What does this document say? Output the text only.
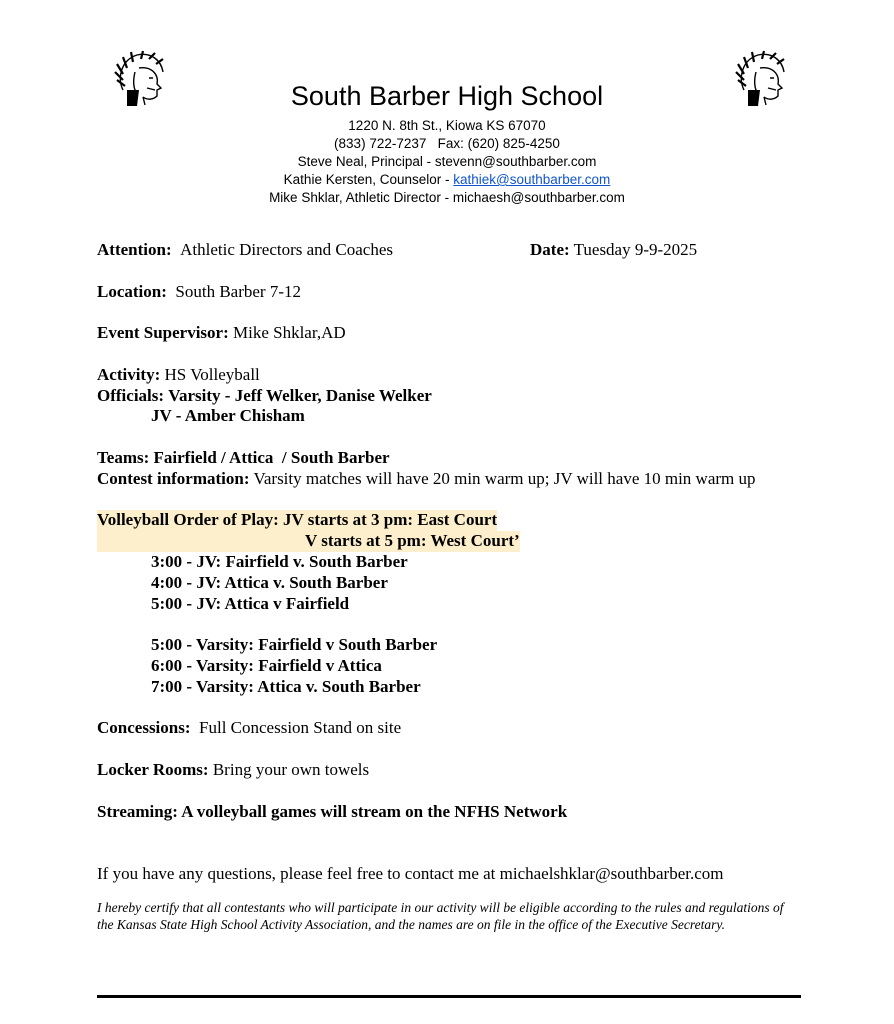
South Barber High School
1220 N. 8th St., Kiowa KS 67070
(833) 722-7237   Fax: (620) 825-4250
Steve Neal, Principal - stevenn@southbarber.com
Kathie Kersten, Counselor - kathiek@southbarber.com
Mike Shklar, Athletic Director - michaesh@southbarber.com
Attention: Athletic Directors and Coaches	Date: Tuesday 9-9-2025
Location: South Barber 7-12
Event Supervisor: Mike Shklar,AD
Activity: HS Volleyball
Officials: Varsity - Jeff Welker, Danise Welker
JV - Amber Chisham
Teams: Fairfield / Attica  / South Barber
Contest information: Varsity matches will have 20 min warm up; JV will have 10 min warm up
Volleyball Order of Play: JV starts at 3 pm: East Court
V starts at 5 pm: West Court’
3:00 - JV: Fairfield v. South Barber
4:00 - JV: Attica v. South Barber
5:00 - JV: Attica v Fairfield
5:00 - Varsity: Fairfield v South Barber
6:00 - Varsity: Fairfield v Attica
7:00 - Varsity: Attica v. South Barber
Concessions: Full Concession Stand on site
Locker Rooms: Bring your own towels
Streaming: A volleyball games will stream on the NFHS Network
If you have any questions, please feel free to contact me at michaelshklar@southbarber.com
I hereby certify that all contestants who will participate in our activity will be eligible according to the rules and regulations of the Kansas State High School Activity Association, and the names are on file in the office of the Executive Secretary.
